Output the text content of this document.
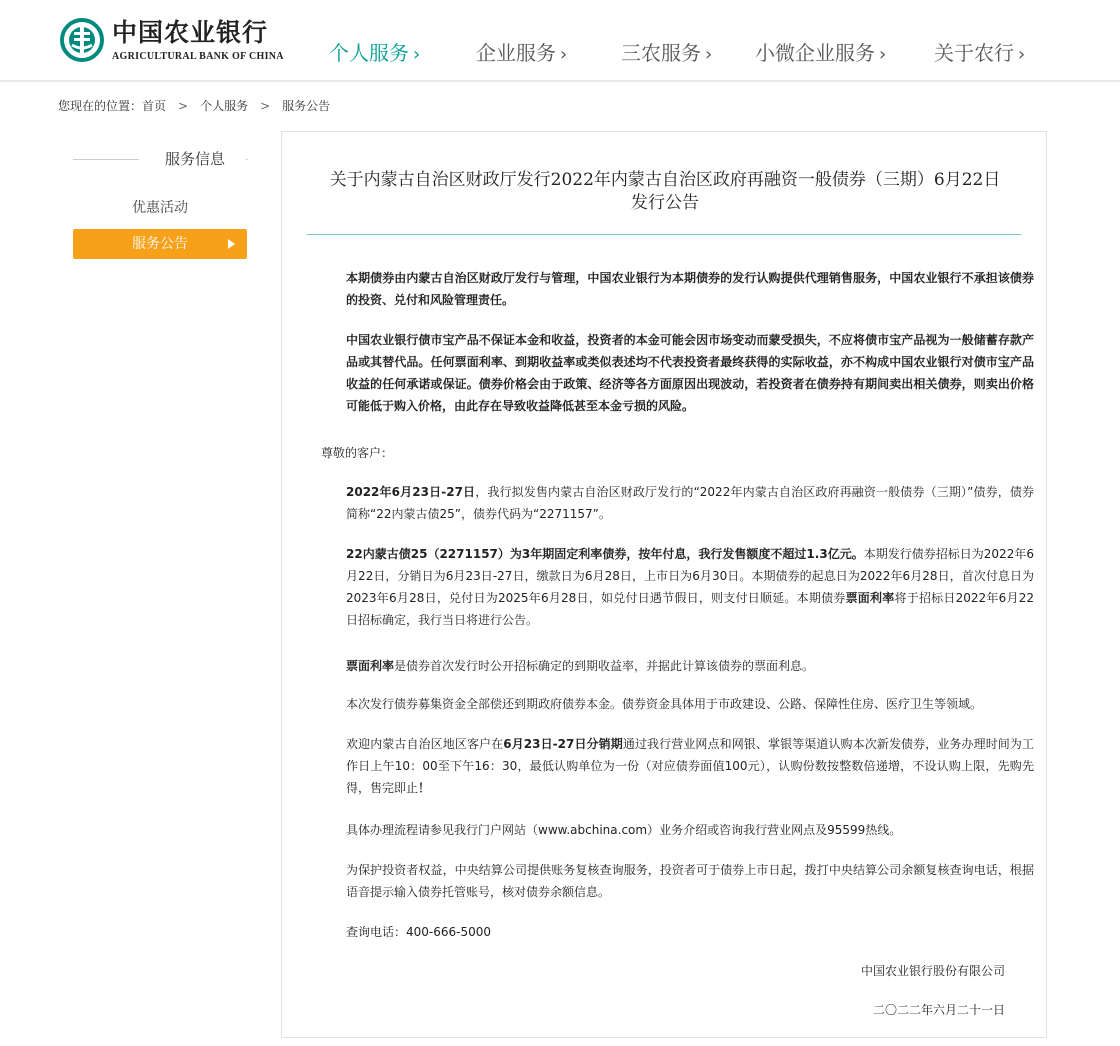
中国农业银行
AGRICULTURAL BANK OF CHINA 个人服务 ›	企业服务 ›	三农服务 › 小微企业服务 › 关于农行 ›
您现在的位置：首页 > 个人服务 > 服务公告
服务信息
优惠活动
服务公告
关于内蒙古自治区财政厅发行2022年内蒙古自治区政府再融资一般债券（三期）6月22日
发行公告
本期债券由内蒙古自治区财政厅发行与管理，中国农业银行为本期债券的发行认购提供代理销售服务，中国农业银行不承担该债券的投资、兑付和风险管理责任。
中国农业银行债市宝产品不保证本金和收益，投资者的本金可能会因市场变动而蒙受损失，不应将债市宝产品视为一般储蓄存款产品或其替代品。任何票面利率、到期收益率或类似表述均不代表投资者最终获得的实际收益，亦不构成中国农业银行对债市宝产品收益的任何承诺或保证。债券价格会由于政策、经济等各方面原因出现波动，若投资者在债券持有期间卖出相关债券，则卖出价格可能低于购入价格，由此存在导致收益降低甚至本金亏损的风险。
尊敬的客户：
2022年6月23日-27日，我行拟发售内蒙古自治区财政厅发行的“2022年内蒙古自治区政府再融资一般债券（三期）”债券，债券简称“22内蒙古债25”，债券代码为“2271157”。
22内蒙古债25（2271157）为3年期固定利率债券，按年付息，我行发售额度不超过1.3亿元。本期发行债券招标日为2022年6月22日，分销日为6月23日-27日，缴款日为6月28日，上市日为6月30日。本期债券的起息日为2022年6月28日，首次付息日为2023年6月28日，兑付日为2025年6月28日，如兑付日遇节假日，则支付日顺延。本期债券票面利率将于招标日2022年6月22日招标确定，我行当日将进行公告。
票面利率是债券首次发行时公开招标确定的到期收益率，并据此计算该债券的票面利息。
本次发行债券募集资金全部偿还到期政府债券本金。债券资金具体用于市政建设、公路、保障性住房、医疗卫生等领域。
欢迎内蒙古自治区地区客户在6月23日-27日分销期通过我行营业网点和网银、掌银等渠道认购本次新发债券，业务办理时间为工作日上午10：00至下午16：30，最低认购单位为一份（对应债券面值100元），认购份数按整数倍递增，不设认购上限，先购先得，售完即止！
具体办理流程请参见我行门户网站（www.abchina.com）业务介绍或咨询我行营业网点及95599热线。
为保护投资者权益，中央结算公司提供账务复核查询服务，投资者可于债券上市日起，拨打中央结算公司余额复核查询电话，根据语音提示输入债券托管账号，核对债券余额信息。
查询电话：400-666-5000
中国农业银行股份有限公司
二〇二二年六月二十一日
